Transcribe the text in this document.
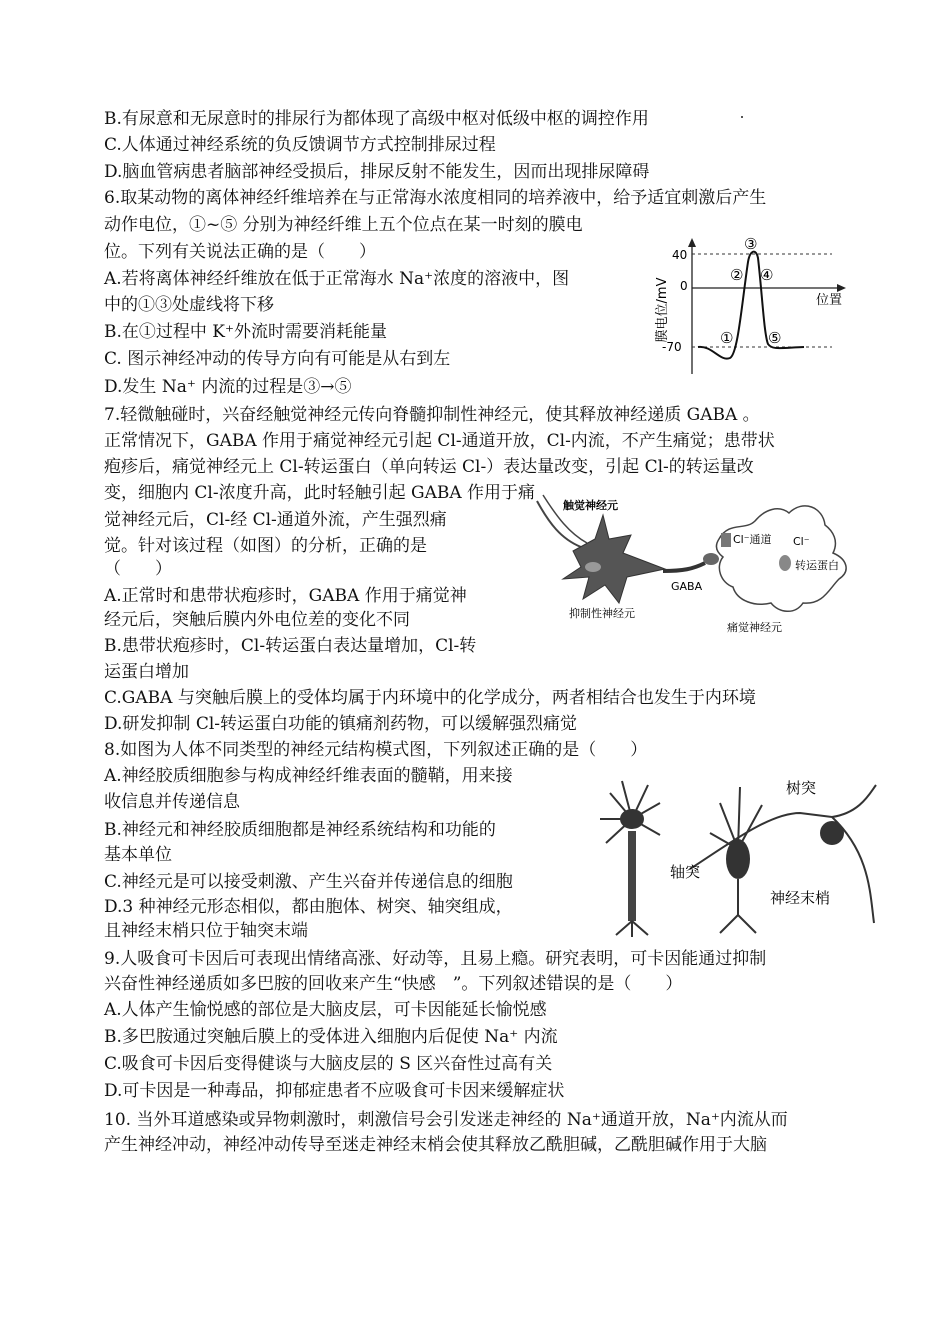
B.有尿意和无尿意时的排尿行为都体现了高级中枢对低级中枢的调控作用
C.人体通过神经系统的负反馈调节方式控制排尿过程
D.脑血管病患者脑部神经受损后，排尿反射不能发生，因而出现排尿障碍
6.取某动物的离体神经纤维培养在与正常海水浓度相同的培养液中，给予适宜刺激后产生
动作电位，①~⑤ 分别为神经纤维上五个位点在某一时刻的膜电
位。下列有关说法正确的是（　　）
A.若将离体神经纤维放在低于正常海水 Na⁺浓度的溶液中，图
中的①③处虚线将下移
B.在①过程中 K⁺外流时需要消耗能量
C. 图示神经冲动的传导方向有可能是从右到左
D.发生 Na⁺ 内流的过程是③→⑤
7.轻微触碰时，兴奋经触觉神经元传向脊髓抑制性神经元，使其释放神经递质 GABA 。
正常情况下，GABA 作用于痛觉神经元引起 Cl-通道开放，Cl-内流，不产生痛觉；患带状
疱疹后，痛觉神经元上 Cl-转运蛋白（单向转运 Cl-）表达量改变，引起 Cl-的转运量改
变，细胞内 Cl-浓度升高，此时轻触引起 GABA 作用于痛
觉神经元后，Cl-经 Cl-通道外流，产生强烈痛
觉。针对该过程（如图）的分析，正确的是
（　　）
A.正常时和患带状疱疹时，GABA 作用于痛觉神
经元后，突触后膜内外电位差的变化不同
B.患带状疱疹时，Cl-转运蛋白表达量增加，Cl-转
运蛋白增加
C.GABA 与突触后膜上的受体均属于内环境中的化学成分，两者相结合也发生于内环境
D.研发抑制 Cl-转运蛋白功能的镇痛剂药物，可以缓解强烈痛觉
8.如图为人体不同类型的神经元结构模式图，下列叙述正确的是（　　）
A.神经胶质细胞参与构成神经纤维表面的髓鞘，用来接
收信息并传递信息
B.神经元和神经胶质细胞都是神经系统结构和功能的
基本单位
C.神经元是可以接受刺激、产生兴奋并传递信息的细胞
D.3 种神经元形态相似，都由胞体、树突、轴突组成，
且神经末梢只位于轴突末端
9.人吸食可卡因后可表现出情绪高涨、好动等，且易上瘾。研究表明，可卡因能通过抑制
兴奋性神经递质如多巴胺的回收来产生“快感　”。下列叙述错误的是（　　）
A.人体产生愉悦感的部位是大脑皮层，可卡因能延长愉悦感
B.多巴胺通过突触后膜上的受体进入细胞内后促使 Na⁺ 内流
C.吸食可卡因后变得健谈与大脑皮层的 S 区兴奋性过高有关
D.可卡因是一种毒品，抑郁症患者不应吸食可卡因来缓解症状
10. 当外耳道感染或异物刺激时，刺激信号会引发迷走神经的 Na⁺通道开放，Na⁺内流从而
产生神经冲动，神经冲动传导至迷走神经末梢会使其释放乙酰胆碱，乙酰胆碱作用于大脑
膜电位/mV	位置
40
0
-70	①
②
③
④
⑤
触觉神经元
GABA
Cl⁻通道 Cl⁻
转运蛋白
抑制性神经元
痛觉神经元
树突
轴突
神经末梢
